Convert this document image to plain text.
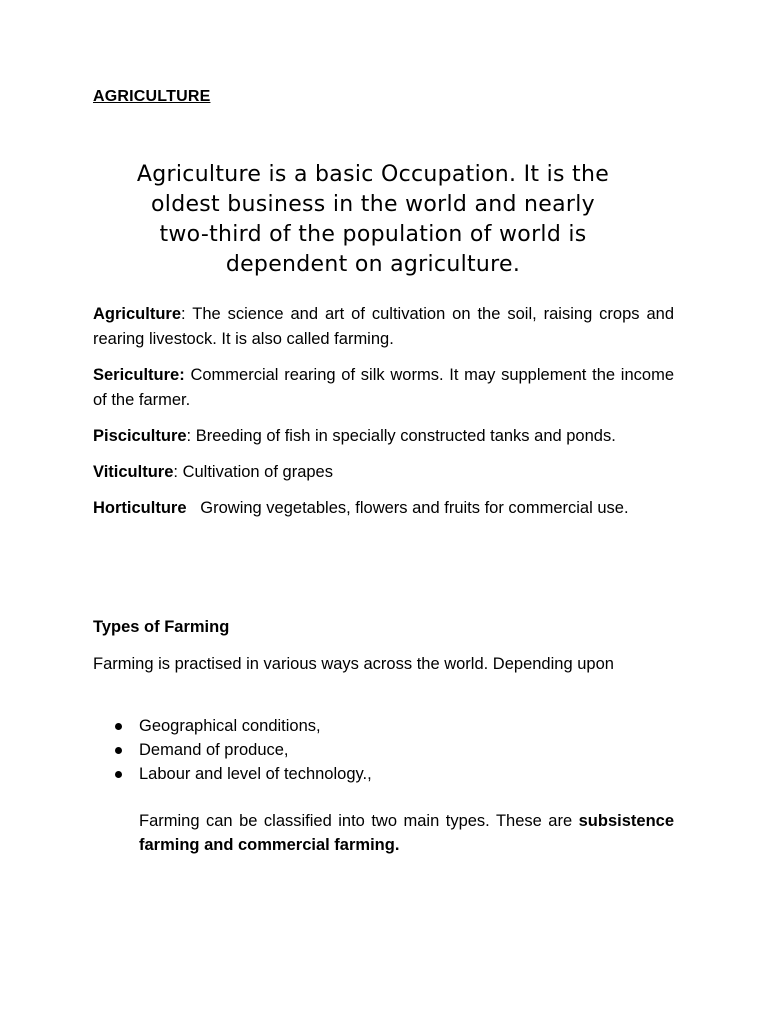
AGRICULTURE
Agriculture is a basic Occupation. It is the
oldest business in the world and nearly
two-third of the population of world is
dependent on agriculture.

Agriculture: The science and art of cultivation on the soil, raising crops and rearing livestock. It is also called farming.

Sericulture: Commercial rearing of silk worms. It may supplement the income of the farmer.

Pisciculture: Breeding of fish in specially constructed tanks and ponds.

Viticulture: Cultivation of grapes

Horticulture Growing vegetables, flowers and fruits for commercial use.

Types of Farming
Farming is practised in various ways across the world. Depending upon
Geographical conditions,
Demand of produce,
Labour and level of technology.,
Farming can be classified into two main types. These are subsistence farming and commercial farming.
